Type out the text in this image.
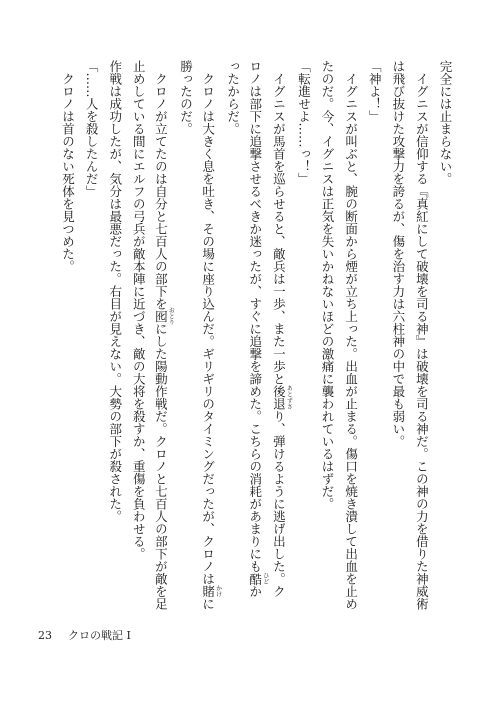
完全には止まらない。
　イグニスが信仰する『真紅にして破壊を司る神』は破壊を司る神だ。この神の力を借りた神威術
は飛び抜けた攻撃力を誇るが、傷を治す力は六柱神の中で最も弱い。
「神よ！」
　イグニスが叫ぶと、腕の断面から煙が立ち上った。出血が止まる。傷口を焼き潰して出血を止め
たのだ。今、イグニスは正気を失いかねないほどの激痛に襲われているはずだ。
「転進せよ……っ！」
　イグニスが馬首を巡らせると、敵兵は一歩、また一歩と後退 あとずさり、弾けるように逃げ出した。ク
ロノは部下に追撃させるべきか迷ったが、すぐに追撃を諦めた。こちらの消耗があまりにも酷 ひどか
ったからだ。
　クロノは大きく息を吐き、その場に座り込んだ。ギリギリのタイミングだったが、クロノは賭 かけに
勝ったのだ。
　クロノが立てたのは自分と七百人の部下を囮 おとりにした陽動作戦だ。クロノと七百人の部下が敵を足
止めしている間にエルフの弓兵が敵本陣に近づき、敵の大将を殺すか、重傷を負わせる。
作戦は成功したが、気分は最悪だった。右目が見えない。大勢の部下が殺された。
「……人を殺したんだ」
　クロノは首のない死体を見つめた。
23 クロの戦記 I
